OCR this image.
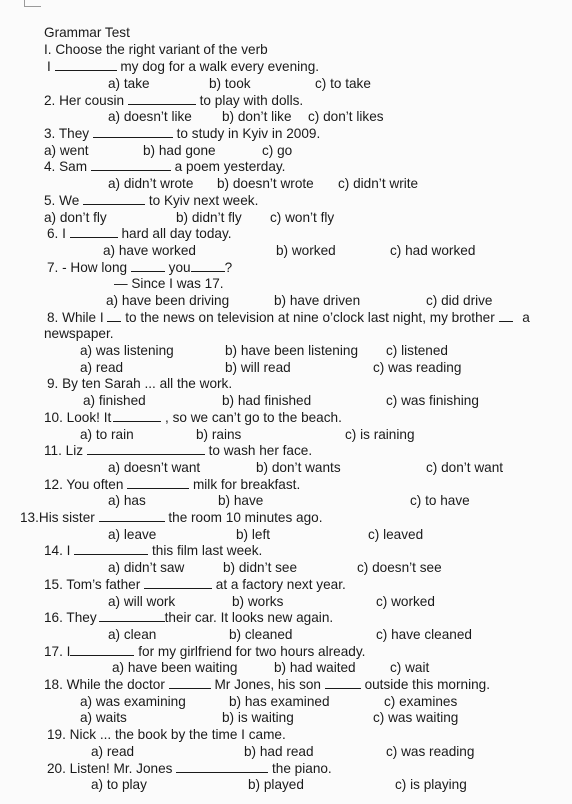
Grammar Test
I. Choose the right variant of the verb
I	my dog for a walk every evening.
a) take	b) took	c) to take
2. Her cousin	to play with dolls.
a) doesn’t like b) don’t like c) don’t likes
3. They	to study in Kyiv in 2009.
a) went	b) had gone	c) go
4. Sam	a poem yesterday.
a) didn’t wrote b) doesn’t wrote c) didn’t write
5. We	to Kyiv next week.
a) don’t fly	b) didn’t fly c) won’t fly
6. I	hard all day today.
a) have worked	b) worked	c) had worked
7. - How long	you	?
— Since I was 17.
a) have been driving	b) have driven	c) did drive
8. While I to the news on television at nine o’clock last night, my brother a
newspaper.
a) was listening	b) have been listening c) listened
a) read	b) will read	c) was reading
9. By ten Sarah ... all the work.
a) finished	b) had finished	c) was finishing
10. Look! It	, so we can’t go to the beach.
a) to rain	b) rains	c) is raining
11. Liz	to wash her face.
a) doesn’t want	b) don’t wants	c) don’t want
12. You often	milk for breakfast.
a) has	b) have	c) to have
13.His sister	the room 10 minutes ago.
a) leave	b) left	c) leaved
14. I	this film last week.
a) didn’t saw	b) didn’t see	c) doesn’t see
15. Tom’s father	at a factory next year.
a) will work	b) works	c) worked
16. They	their car. It looks new again.
a) clean	b) cleaned	c) have cleaned
17. I	for my girlfriend for two hours already.
a) have been waiting	b) had waited	c) wait
18. While the doctor	Mr Jones, his son	outside this morning.
a) was examining	b) has examined	c) examines
a) waits	b) is waiting	c) was waiting
19. Nick ... the book by the time I came.
a) read	b) had read	c) was reading
20. Listen! Mr. Jones	the piano.
a) to play	b) played	c) is playing
